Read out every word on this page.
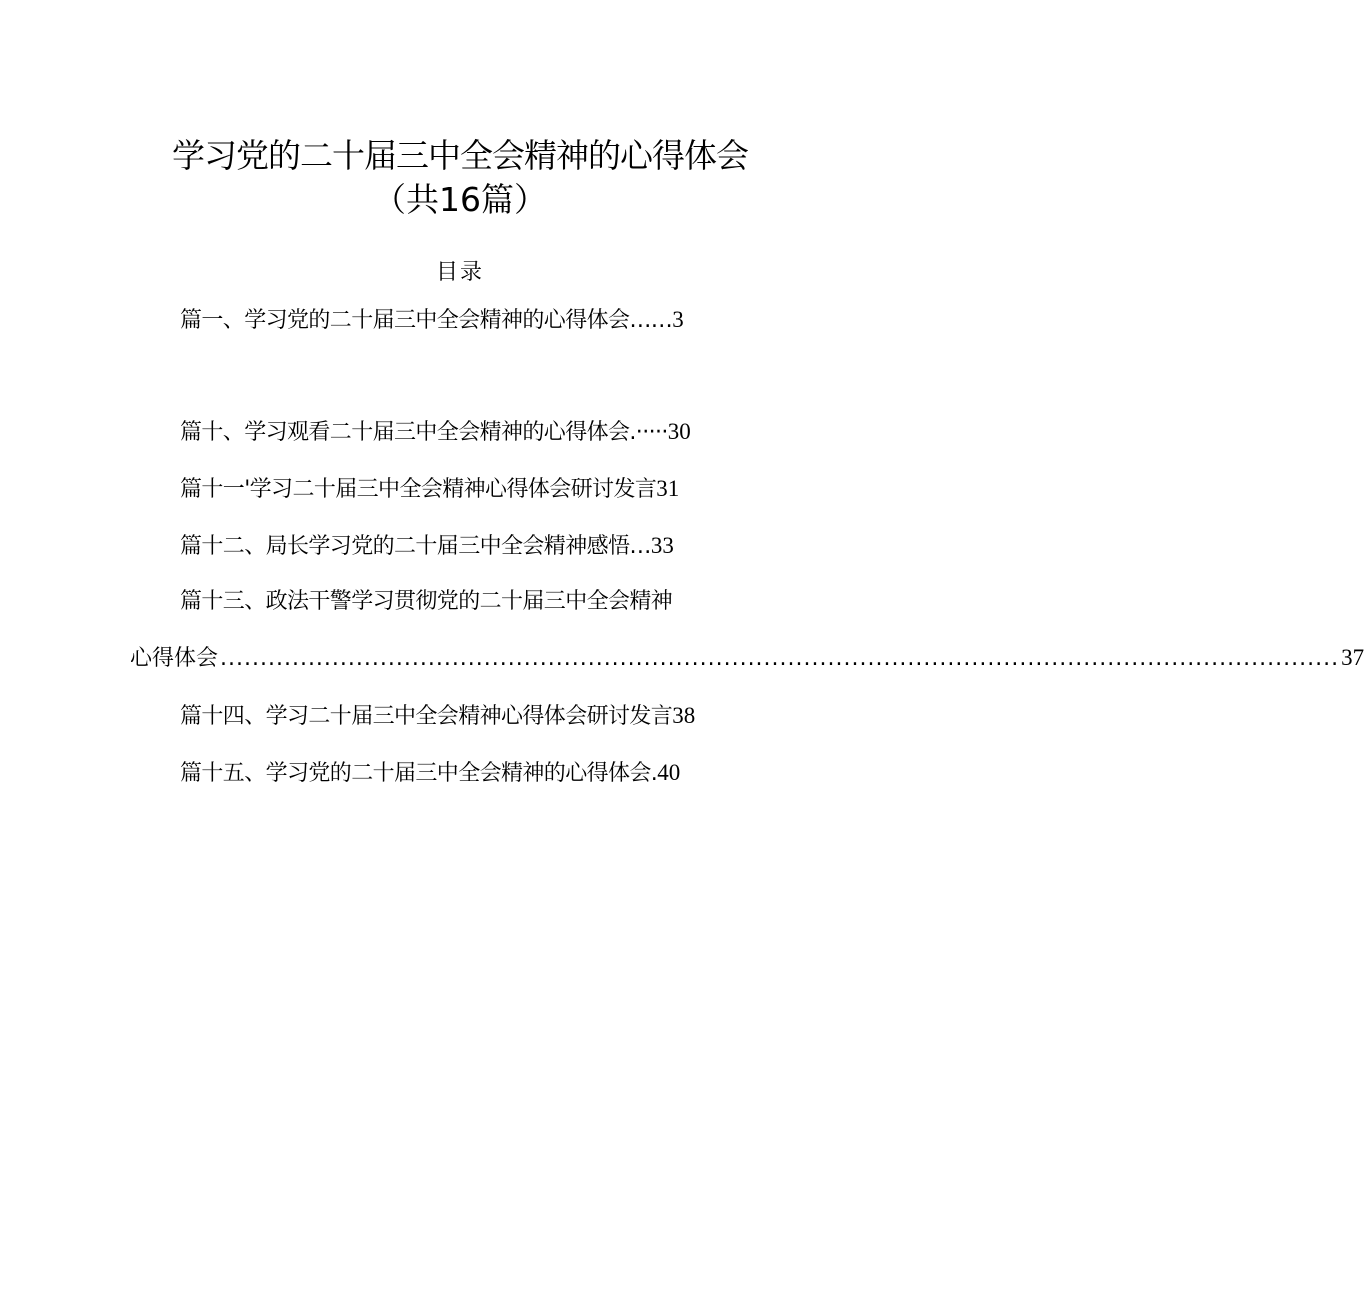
学习党的二十届三中全会精神的心得体会
（共16篇）
目录
篇一、学习党的二十届三中全会精神的心得体会……3
篇十、学习观看二十届三中全会精神的心得体会.·····30
篇十一'学习二十届三中全会精神心得体会研讨发言31
篇十二、局长学习党的二十届三中全会精神感悟…33
篇十三、政法干警学习贯彻党的二十届三中全会精神
心得体会 ............................................................................................................................................ 37
篇十四、学习二十届三中全会精神心得体会研讨发言38
篇十五、学习党的二十届三中全会精神的心得体会.40
